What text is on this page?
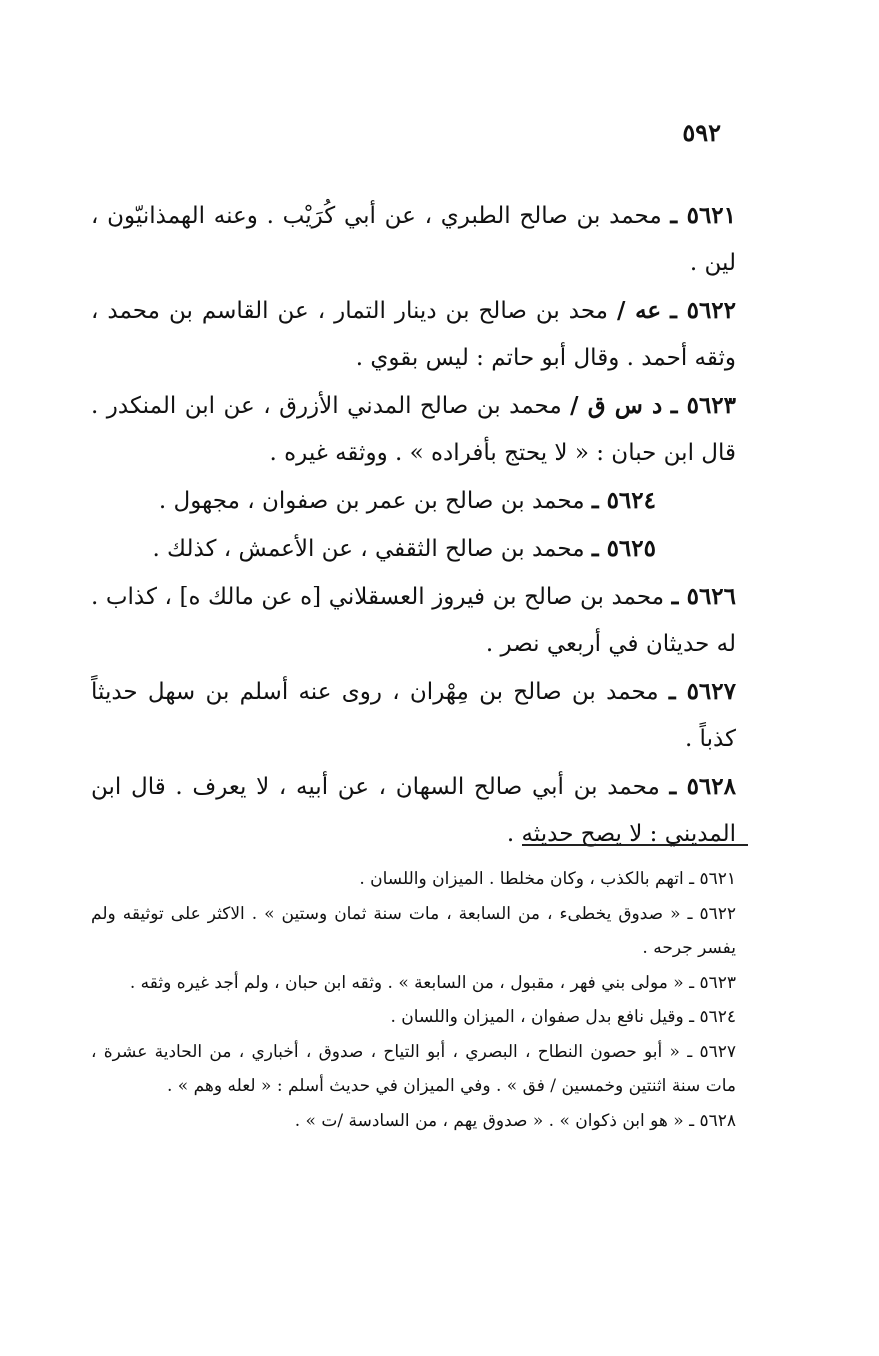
٥٩٢

٥٦٢١ ـ محمد بن صالح الطبري ، عن أبي كُرَيْب . وعنه الهمذانيّون ، لين .

٥٦٢٢ ـ عه / محد بن صالح بن دينار التمار ، عن القاسم بن محمد ، وثقه أحمد . وقال أبو حاتم : ليس بقوي .

٥٦٢٣ ـ د س ق / محمد بن صالح المدني الأزرق ، عن ابن المنكدر . قال ابن حبان : « لا يحتج بأفراده » . ووثقه غيره .

٥٦٢٤ ـ محمد بن صالح بن عمر بن صفوان ، مجهول .

٥٦٢٥ ـ محمد بن صالح الثقفي ، عن الأعمش ، كذلك .

٥٦٢٦ ـ محمد بن صالح بن فيروز العسقلاني [ه عن مالك ه] ، كذاب . له حديثان في أربعي نصر .

٥٦٢٧ ـ محمد بن صالح بن مِهْران ، روى عنه أسلم بن سهل حديثاً كذباً .

٥٦٢٨ ـ محمد بن أبي صالح السهان ، عن أبيه ، لا يعرف . قال ابن المديني : لا يصح حديثه .

٥٦٢١ ـ اتهم بالكذب ، وكان مخلطا . الميزان واللسان .

٥٦٢٢ ـ « صدوق يخطىء ، من السابعة ، مات سنة ثمان وستين » . الاكثر على توثيقه ولم يفسر جرحه .

٥٦٢٣ ـ « مولى بني فهر ، مقبول ، من السابعة » . وثقه ابن حبان ، ولم أجد غيره وثقه .

٥٦٢٤ ـ وقيل نافع بدل صفوان ، الميزان واللسان .

٥٦٢٧ ـ « أبو حصون النطاح ، البصري ، أبو التياح ، صدوق ، أخباري ، من الحادية عشرة ، مات سنة اثنتين وخمسين / فق » . وفي الميزان في حديث أسلم : « لعله وهم » .

٥٦٢٨ ـ « هو ابن ذكوان » . « صدوق يهم ، من السادسة /ت » .
